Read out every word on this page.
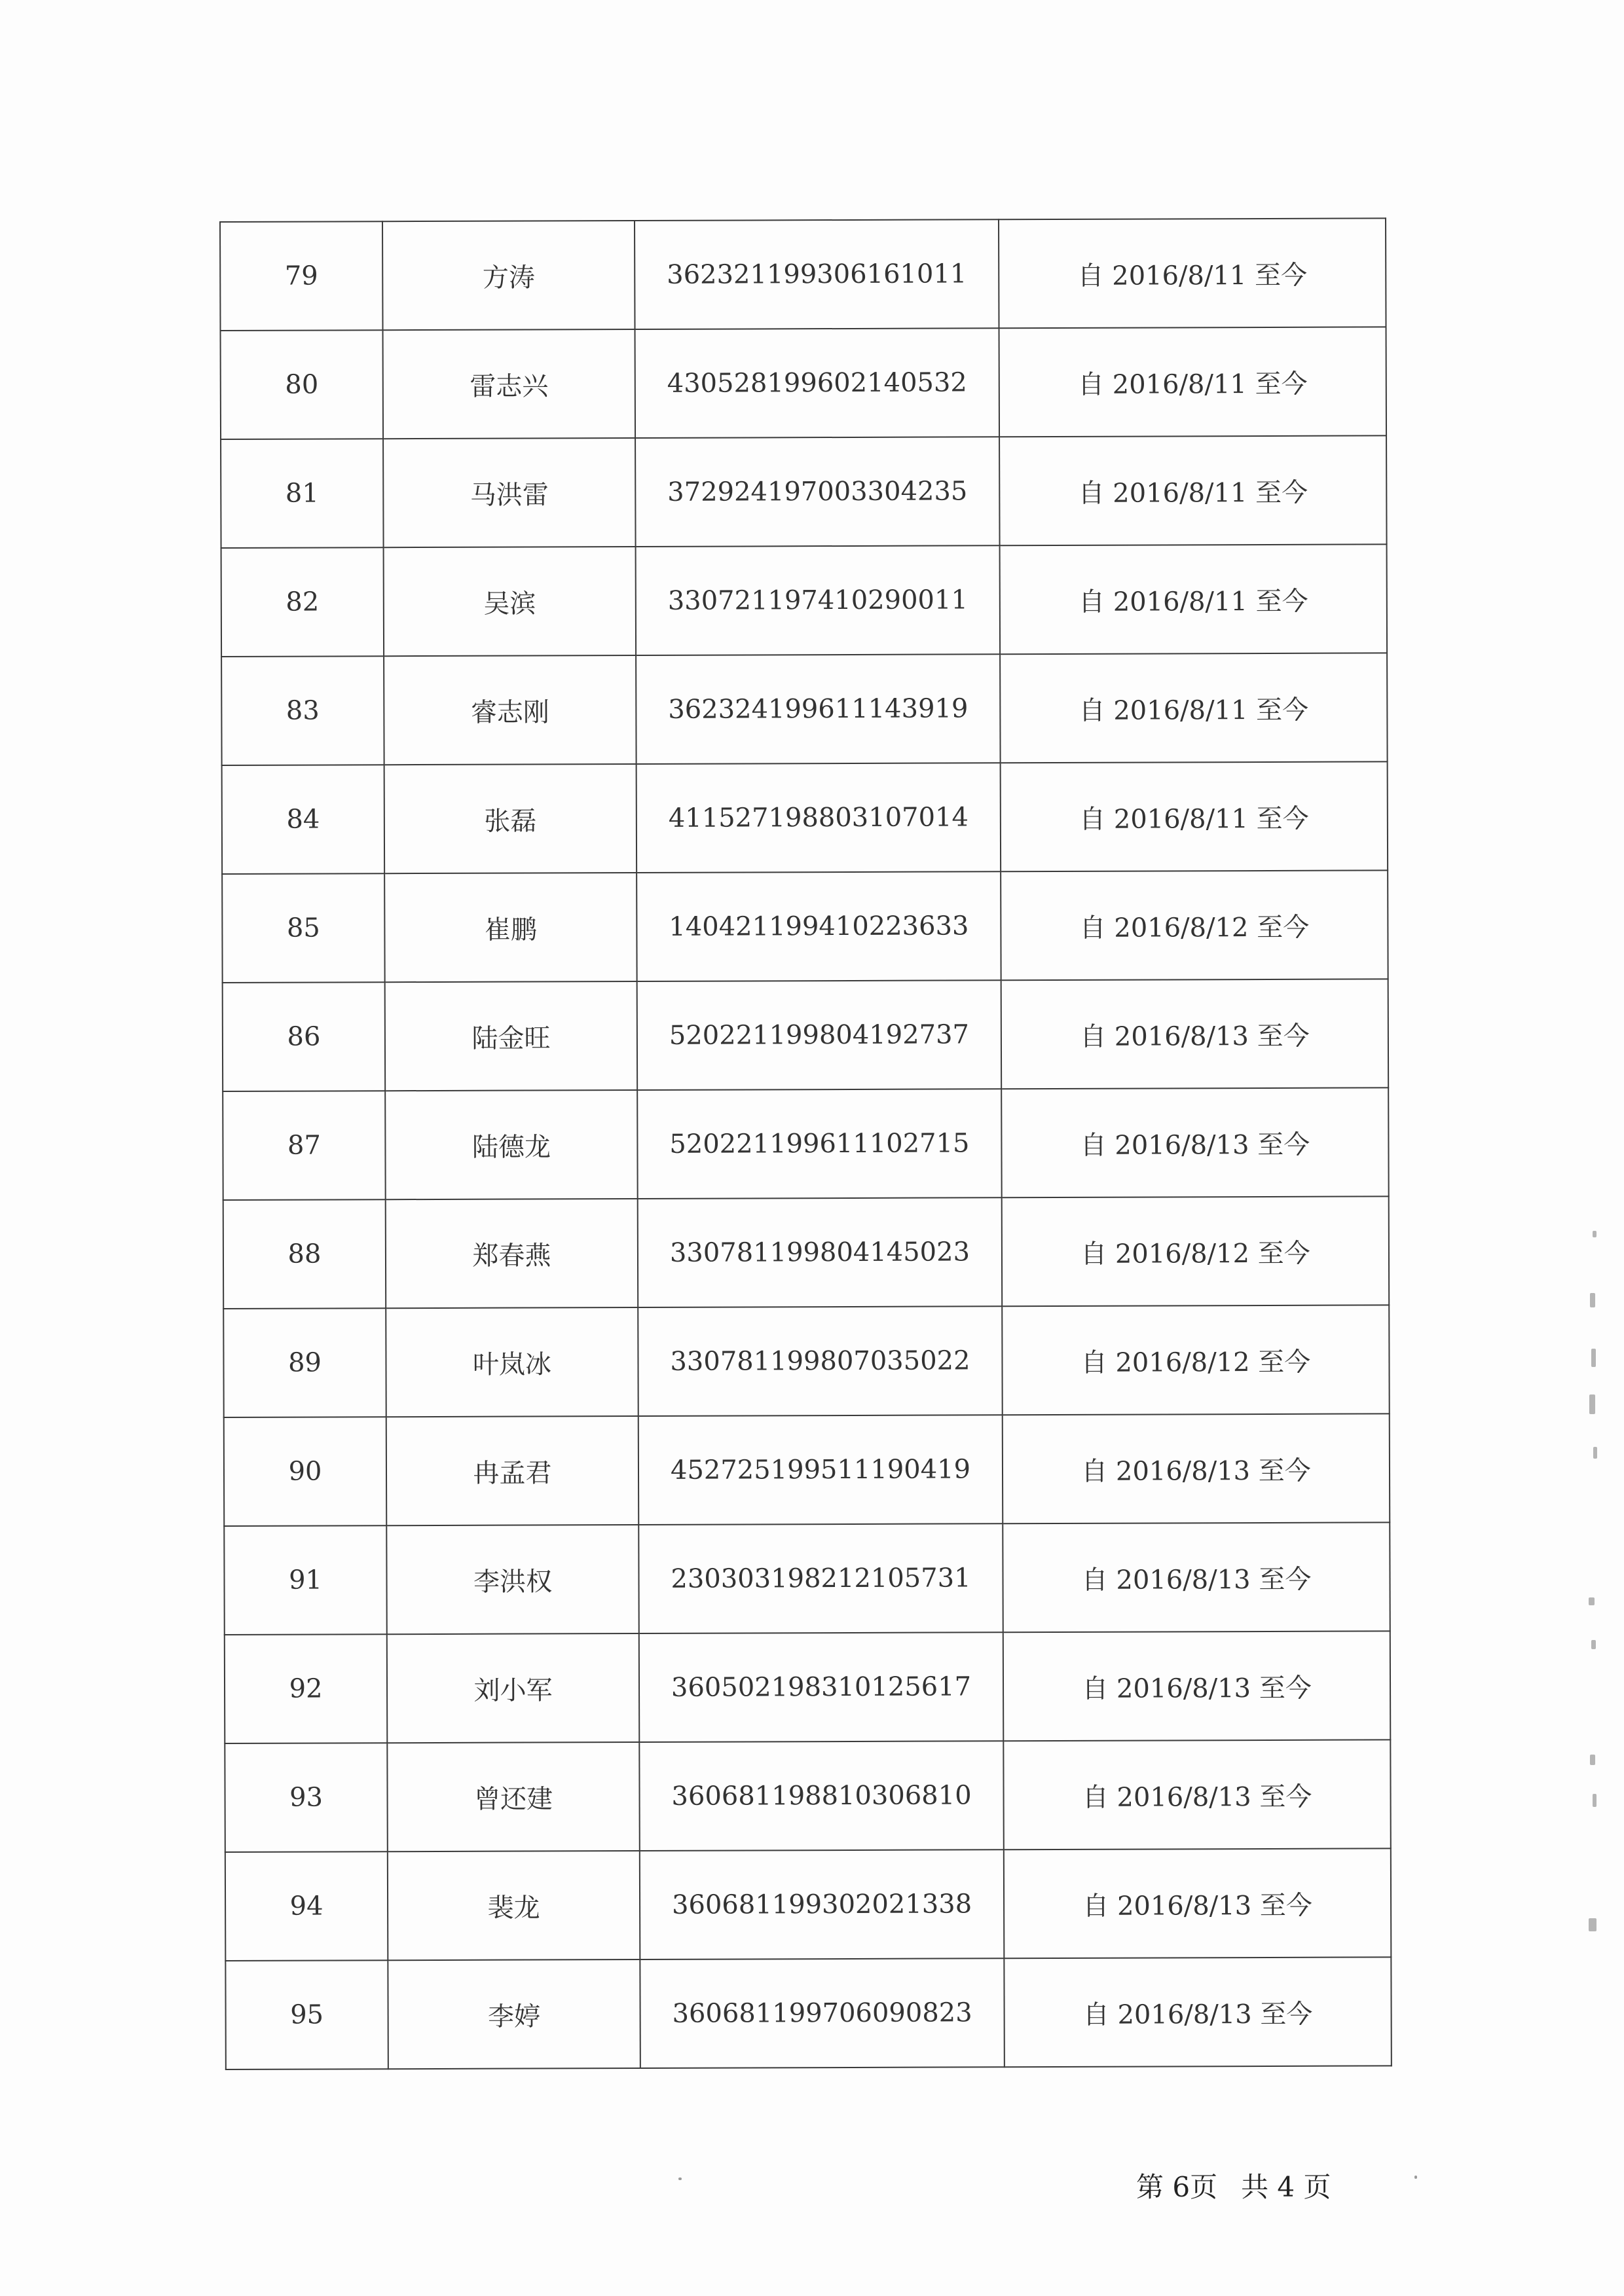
79	方涛	362321199306161011	自 2016/8/11 至今
80	雷志兴	430528199602140532	自 2016/8/11 至今
81	马洪雷	372924197003304235	自 2016/8/11 至今
82	吴滨	330721197410290011	自 2016/8/11 至今
83	睿志刚	362324199611143919	自 2016/8/11 至今
84	张磊	411527198803107014	自 2016/8/11 至今
85	崔鹏	140421199410223633	自 2016/8/12 至今
86	陆金旺	520221199804192737	自 2016/8/13 至今
87	陆德龙	520221199611102715	自 2016/8/13 至今
88	郑春燕	330781199804145023	自 2016/8/12 至今
89	叶岚冰	330781199807035022	自 2016/8/12 至今
90	冉孟君	452725199511190419	自 2016/8/13 至今
91	李洪权	230303198212105731	自 2016/8/13 至今
92	刘小军	360502198310125617	自 2016/8/13 至今
93	曾还建	360681198810306810	自 2016/8/13 至今
94	裴龙	360681199302021338	自 2016/8/13 至今
95	李婷	360681199706090823	自 2016/8/13 至今
第 6页 共 4 页
